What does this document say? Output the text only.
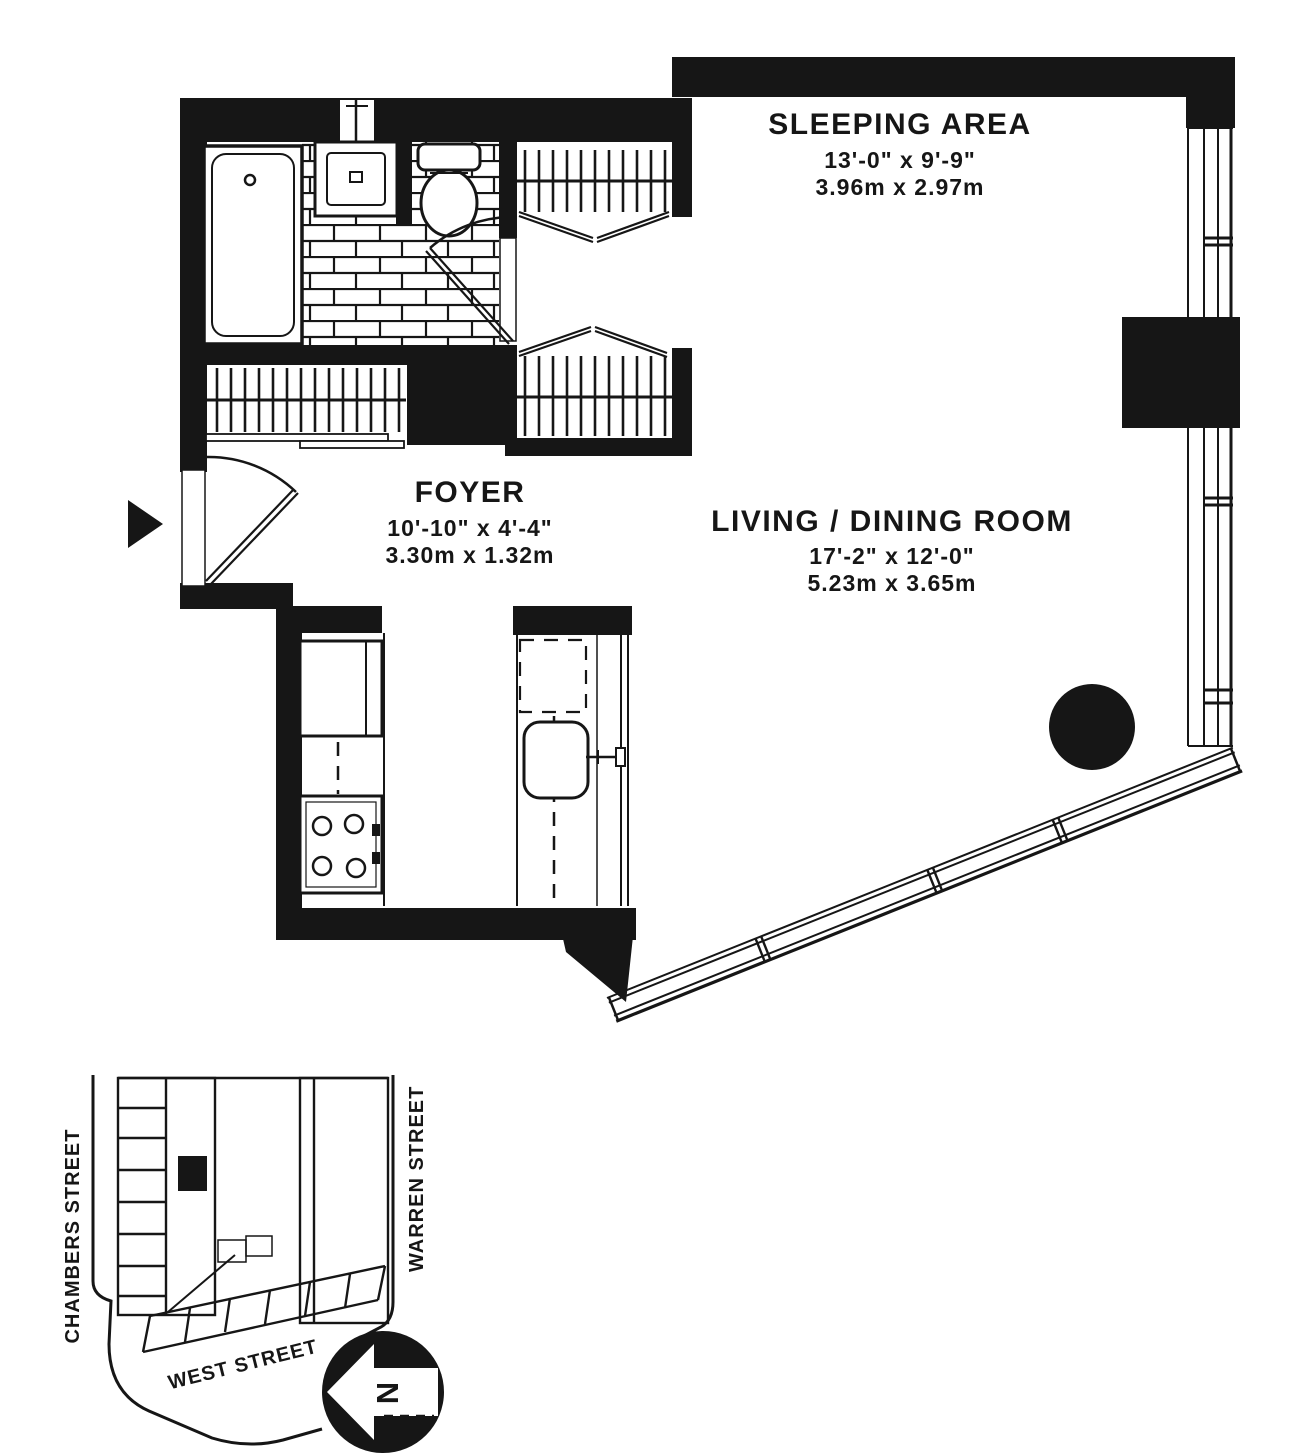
SLEEPING AREA
13'-0" x 9'-9"
3.96m x 2.97m
FOYER
10'-10" x 4'-4"
3.30m x 1.32m
LIVING / DINING ROOM
17'-2" x 12'-0"
5.23m x 3.65m
CHAMBERS STREET	WARREN STREET
WEST STREET N
